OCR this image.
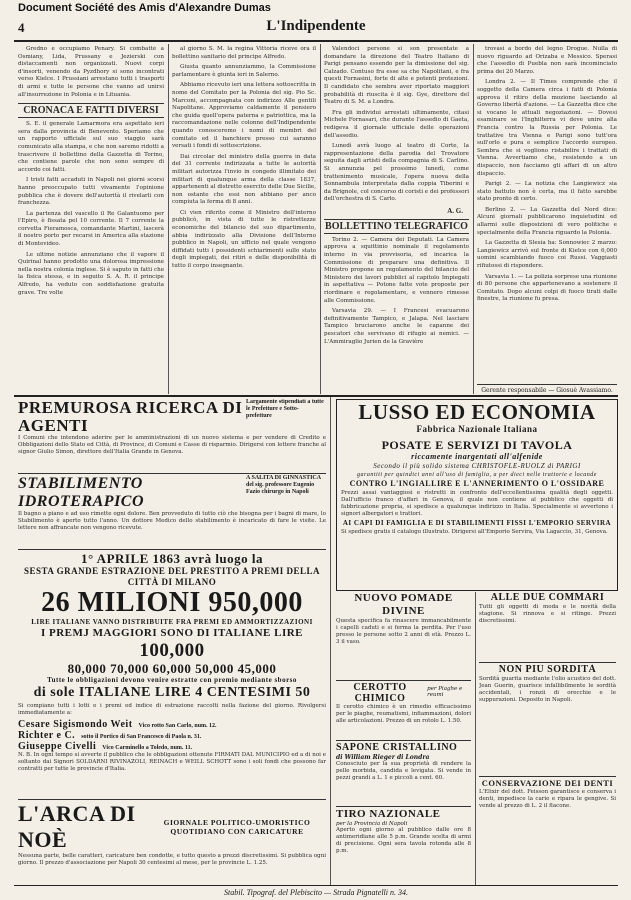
Document Société des Amis d'Alexandre Dumas
4	L'Indipendente

Gredno e occupiamo Penary. Si combattè a Osmiany, Lida, Prussany e Jezierski con distaccamenti non organizzati. Nuovi corpi d'insorti, venendo da Pyzdhory si sono incontrati verso Kielce. I Prussiani arrestano tutti i trasporti di armi e tutte le persone che vanno ad unirsi all'insurrezione in Polonia e in Lituania.

CRONACA E FATTI DIVERSI

S. E. il generale Lamarmora era aspettato ieri sera dalla provincia di Benevento. Speriamo che un rapporto ufficiale sul suo viaggio sarà comunicato alla stampa, e che non saremo ridotti a trascrivere il bollettino della Gazzetta di Torino, che contiene parole che non sono sempre di accordo coi fatti.

I tristi fatti accaduti in Napoli nei giorni scorsi hanno preoccupato tutti vivamente l'opinione pubblica che è dovere dell'autorità il rivelarli con franchezza.

La partenza del vascello il Re Galantuomo per l'Epiro, è fissata pel 10 corrente. Il 7 corrente la corvetta Fieramosca, comandante Martini, lascerà il nostro porto per recarsi in America alla stazione di Montevideo.

Le ultime notizie annunziano che il vapore il Quirinal hanno prodotto una dolorosa impressione nella nostra colonia inglese. Si è saputo in fatti che la fisica stessa, e in seguito S. A. R. il principe Alfredo, ha veduto con soddisfazione gratuita grave. Tre volte

al giorno S. M. la regina Vittoria riceve ora il bollettino sanitario del principe Alfredo.

Giusta quanto annunziammo, la Commissione parlamentare è giunta ieri in Salerno.

Abbiamo ricevuto ieri una lettera sottoscritta in nome del Comitato per la Polonia del sig. Pio Sc. Marconi, accompagnata con indirizzo Alle gentili Napolitane. Approviamo caldamente il pensiero che guida quell'opera paterna e patriottica, ma la raccomandazione nelle colonne dell'Indipendente quando conosceremo i nomi di membri del comitato ed il banchiere presso cui saranno versati i fondi di sottoscrizione.

Dai circolar del ministro della guerra in data del 31 corrente indirizzata a tutte le autorità militari autorizza l'invio in congedo illimitato dei militari di qualunque arma della classe 1837, appartenenti al distretto esercito delle Due Sicilie, non ostante che essi non abbiano per anco compiuta la ferma di 8 anni.

Ci vien riferito come il Ministro dell'interno pubblicò, in vista di tutte le ristrettezze economiche del bilancio del suo dipartimento, abbia indirizzato alla Divisione dell'Interno pubblico in Napoli, un ufficio nel quale vengono diffidati tutti i possidenti schiarimenti sullo stato degli impiegati, dei ritiri e delle disponibilità di tutto il corpo insegnante.

Valendoci persone si son presentate a domandare la direzione del Teatro Italiano di Parigi pensano essendo per la dimissione del sig. Calzado. Contuso fra esse sa che Napolitani, e fra questi Fornasini, forte di alte e potenti protezioni. Il candidato che sembra aver riportato maggiori probabilità di riuscita è il sig. Gye, direttore del Teatro di S. M. a Londra.

Fra gli individui arrestati ultimamente, citasi Michele Fornasari, che durante l'assedio di Gaeta, redigeva il giornale ufficiale delle operazioni dell'assedio.

Lunedì avrà luogo al teatro di Corte, la rappresentazione della parodia del Trovatore seguita dagli artisti della compagnia di S. Carlino. Si annunzia pel prossimo lunedì, come trattenimento musicale, l'opera nuova della Sonnambula interpretata dalla coppia Tiberini e da Brignole, col concorso di coristi e dei professori dell'orchestra di S. Carlo.

A. G.
BOLLETTINO TELEGRAFICO

Torino 2. — Camera dei Deputati. La Camera approva a squittinio nominale il regolamento interno in via provvisoria, ed incarica la Commissione di preparare una definitiva. Il Ministro propone un regolamento del bilancio del Ministero dei lavori pubblici al capitolo Impiegati in aspettativa — Potone fatte vote proposte per riordinare e regolamentare, e vennero rimesse alle Commissione.

Varsavia 29. — I Francesi evacuarono definitivamente Tampico, e Jalapa. Nel lasciare Tampico bruciarono anche le capanne dei pescatori che servivano di rifugio ai nemici. — L'Ammiraglio Jurien de la Gravière

trovasi a bordo del legno Drogue. Nulla di nuovo riguardo ad Orizaba e Messico. Sperasi che l'assedio di Puebla non sarà incominciato prima dei 20 Marzo.

Londra 2. — Il Times comprende che il soggetto della Camera circa i fatti di Polonia approva il ritiro della mozione lasciando al Governo libertà d'azione. — La Gazzetta dice che si vocano le attuali negoziazioni. — Dovesi esaminare se l'Inghilterra vi deve unire alla Francia contro la Russia per Polonia. Le trattative tra Vienna e Parigi sono tutt'ora sull'orlo e pura e semplice l'accordo europeo. Sembra che si vogliono ristabilire i trattati di Vienna. Avvertiamo che, resistendo a un dispaccio, non facciamo gli affari di un altro dispaccio.

Parigi 2. — La notizia che Langiewicz sia stato battuto non è certa, ma il fatto sarebbe stato pronto di certo.

Berlino 2. — La Gazzetta del Nord dice: Alcuni giornali pubblicarono inquietudini ed allarmi sulle disposizioni di vero politiche e specialmente della Francia riguardo la Polonia.

La Gazzetta di Slesia ha: Sonnowiec 2 marzo: Langiewicz arrivò sul fronte di Kielce con 6,000 uomini scambiando fuoco coi Russi. Vaggiasti rifiutossi di rispondere.

Varsavia 1. — La polizia sorprese una riunione di 80 persone che appartenevano a sostenere il Comitato. Dopo alcuni colpi di fuoco tirati dalle finestre, la riunione fu presa.

Gerente responsabile — Giosuè Avassiamo.
PREMUROSA RICERCA DI AGENTI
Largamente stipendiati a tutte le Prefetture e Sotto-prefetture
I Comuni che intendono aderire per le amministrazioni di un nuovo sistema e per vendere di Credito e Obbligazioni dello Stato ed Città, di Province, di Comuni e Casse di risparmio. Dirigersi con lettere franche al signor Giulio Simon, direttore dell'Italia Grande in Genova.
STABILIMENTO IDROTERAPICO
A SALITA DI GINNASTICA del sig. professore Eugenio Fazio chirurgo in Napoli
Il bagno a piano e ad uso rimette ogni dolore. Ben provveduto di tutto ciò che bisogna per i bagni di mare, lo Stabilimento è aperto tutto l'anno. Un dottore Medico dello stabilimento è incaricato di fare le visite. Le lettere non affrancate non vengono ricevute.
1° APRILE 1863 avrà luogo la
SESTA GRANDE ESTRAZIONE DEL PRESTITO A PREMI DELLA CITTÀ DI MILANO
26 MILIONI 950,000
LIRE ITALIANE VANNO DISTRIBUITE FRA PREMI ED AMMORTIZZAZIONI
I PREMJ MAGGIORI SONO DI ITALIANE LIRE
100,000
80,000 70,000 60,000 50,000 45,000
Tutte le obbligazioni devono venire estratte con premio mediante sborso
di sole ITALIANE LIRE 4 CENTESIMI 50
Si compiano tutti i lotti e i premi ed indice di estrazione raccolti nella fazione del giorno. Rivolgersi immediatamente a:
Cesare Sigismondo Weit Vico rotto San Carlo, num. 12.
Richter e C. sotto il Portico di San Francesco di Paola n. 31.
Giuseppe Civelli Vico Carminello a Toledo, num. 11.
N. B. In ogni tempo si avverte il pubblico che le obbligazioni ottenute FIRMATI DAL MUNICIPIO ed a di noi e soltanto dai Signori SOLDARNI RIVINAZOLI, REINACH e WEILL SCHOTT sono i soli fondi che possono far contratti per tutte le provincie d'Italia.
L'ARCA DI NOÈ
GIORNALE POLITICO-UMORISTICO QUOTIDIANO CON CARICATURE
Nessuna parte, belle caratteri, caricature ben condotte, e tutto questo a prezzi discretissimi. Si pubblica ogni giorno. Il prezzo d'associazione per Napoli 30 centesimi al mese, per le provincie L. 1.25.
LUSSO ED ECONOMIA
Fabbrica Nazionale Italiana
POSATE E SERVIZI DI TAVOLA
riccamente inargentati all'alfenide
Secondo il più solido sistema CHRISTOFLE-RUOLZ di PARIGI
garantiti per quindici anni all'uso di famiglia, a per dieci nelle trattorie e locande
CONTRO L'INGIALLIRE E L'ANNERIMENTO O L'OSSIDARE
Prezzi assai vantaggiosi e ristretti in confronto dell'eccellentissima qualità degli oggetti. Dall'ufficio franco d'affari in Genova, il quale non contiene al pubblico che oggetti di fabbricazione propria, si spedisce a qualunque indirizzo in Italia. Specialmente si avvertono i signori albergatori e trattori.
AI CAPI DI FAMIGLIA E DI STABILIMENTI FISSI L'EMPORIO SERVIRA
Si spedisce gratis il catalogo illustrato. Dirigersi all'Emporio Servira, Via Lagaccio, 31, Genova.
NUOVO POMADE DIVINE
Questa specifica fa rinascere immancabilmente i capelli caduti e si ferma la perdita. Per l'uso presso le persone sotto 2 anni di età. Prezzo L. 3 il vaso.
CEROTTO CHIMICO
per Piaghe e reumi
Il cerotto chimico è un rimedio efficacissimo per le piaghe, reumatismi, infiammazioni, dolori alle articolazioni. Prezzo di un rotolo L. 1.50.
SAPONE CRISTALLINO
di William Rieger di Londra
Conosciuto per la sua proprietà di rendere la pelle morbida, candida e levigata. Si vende in pezzi grandi a L. 1 e piccoli a cent. 60.
TIRO NAZIONALE
per la Provincia di Napoli
Aperto ogni giorno al pubblico dalle ore 8 antimeridiane alle 5 p.m. Grande scelta di armi di precisione. Ogni sera tavola rotonda alle 8 p.m.
ALLE DUE COMMARI
Tutti gli oggetti di moda e le novità della stagione. Si rinnova e si ritinge. Prezzi discretissimi.
NON PIÙ SORDITÀ
Sordità guarita mediante l'olio acustico del dott. Jean Guerin, guarisce infallibilmente le sordità accidentali, i ronzii di orecchie e le suppurazioni. Deposito in Napoli.
CONSERVAZIONE DEI DENTI
L'Elixir del dott. Feisson garantisce e conserva i denti, impedisce la carie e ripara le gengive. Si vende al prezzo di L. 2 il flacone.
Stabil. Tipograf. del Plebiscito — Strada Pignatelli n. 34.
